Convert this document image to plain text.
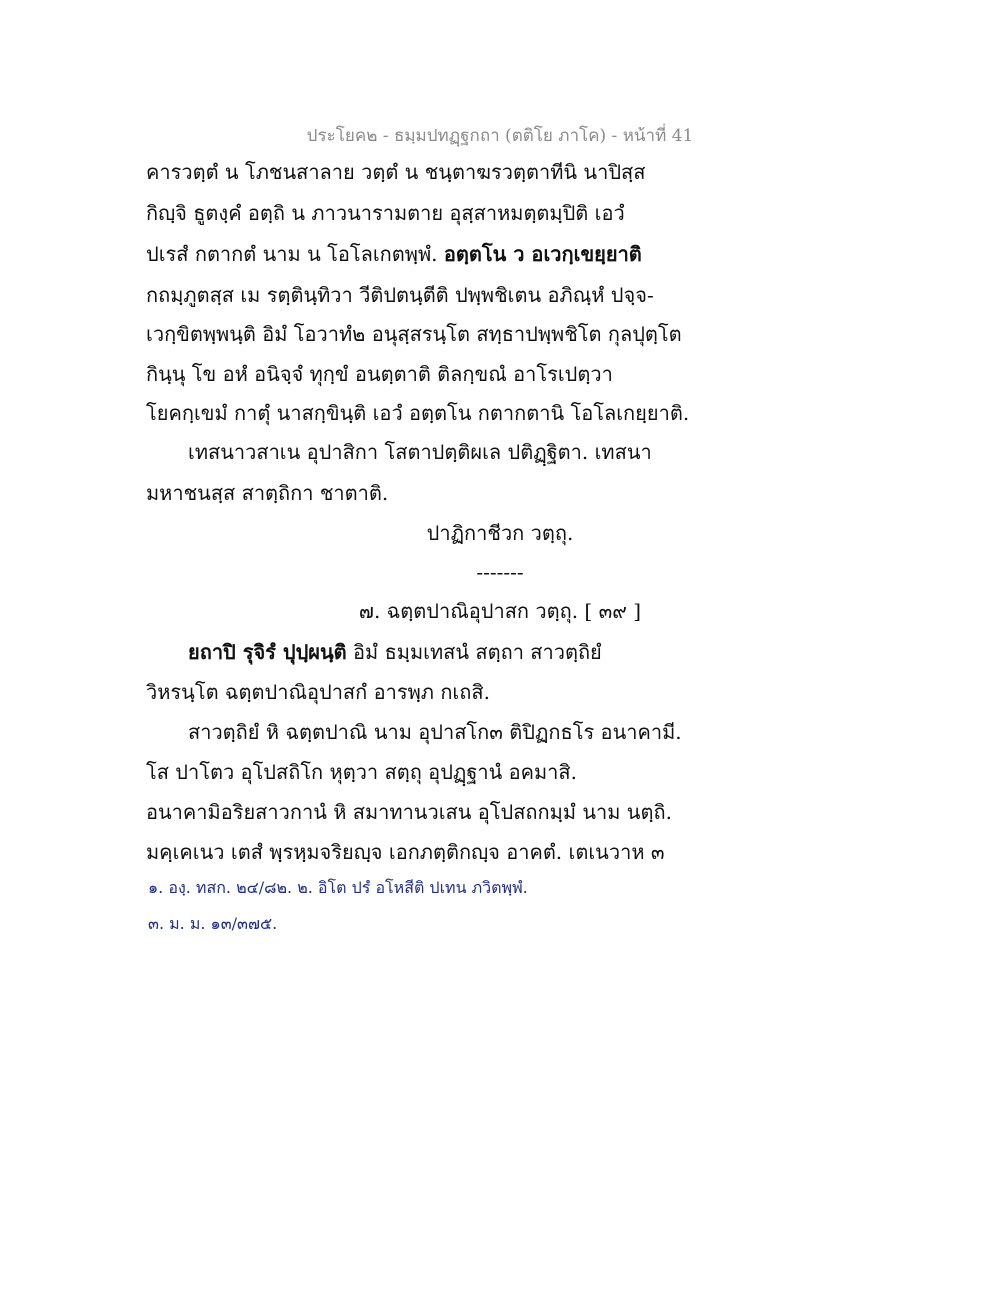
ประโยค๒ - ธมฺมปทฏฺฐกถา (ตติโย ภาโค) - หน้าที่ 41
คารวตฺตํ น โภชนสาลาย วตฺตํ น ชนฺตาฆรวตฺตาทีนิ นาปิสฺส
กิญฺจิ ธูตงฺคํ อตฺถิ น ภาวนารามตาย อุสฺสาหมตฺตมฺปิติ เอวํ
ปเรสํ กตากตํ นาม น โอโลเกตพฺพํ. อตฺตโน ว อเวกฺเขยฺยาติ
กถมฺภูตสฺส เม รตฺตินฺทิวา วีติปตนฺตีติ ปพฺพชิเตน อภิณฺหํ ปจฺจ-
เวกฺขิตพฺพนฺติ อิมํ โอวาทํ๒ อนุสฺสรนฺโต สทฺธาปพฺพชิโต กุลปุตฺโต
กินฺนุ โข อหํ อนิจฺจํ ทุกฺขํ อนตฺตาติ ติลกฺขณํ อาโรเปตฺวา
โยคกฺเขมํ กาตุํ นาสกฺขินฺติ เอวํ อตฺตโน กตากตานิ โอโลเกยฺยาติ.
เทสนาวสาเน อุปาสิกา โสตาปตฺติผเล ปติฏฺฐิตา. เทสนา
มหาชนสฺส สาตฺถิกา ชาตาติ.
ปาฏิกาชีวก วตฺถุ.
-------
๗. ฉตฺตปาณิอุปาสก วตฺถุ. [ ๓๙ ]
ยถาปิ รุจิรํ ปุปฺผนฺติ อิมํ ธมฺมเทสนํ สตฺถา สาวตฺถิยํ
วิหรนฺโต ฉตฺตปาณิอุปาสกํ อารพฺภ กเถสิ.
สาวตฺถิยํ หิ ฉตฺตปาณิ นาม อุปาสโก๓ ติปิฏกธโร อนาคามี.
โส ปาโตว อุโปสถิโก หุตฺวา สตฺถุ อุปฏฺฐานํ อคมาสิ.
อนาคามิอริยสาวกานํ หิ สมาทานวเสน อุโปสถกมฺมํ นาม นตฺถิ.
มคฺเคเนว เตสํ พฺรหฺมจริยญฺจ เอกภตฺติกญฺจ อาคตํ. เตเนวาห ๓
๑. องฺ. ทสก. ๒๔/๘๒. ๒. อิโต ปรํ อโหสีติ ปเทน ภวิตพฺพํ.
๓. ม. ม. ๑๓/๓๗๕.
